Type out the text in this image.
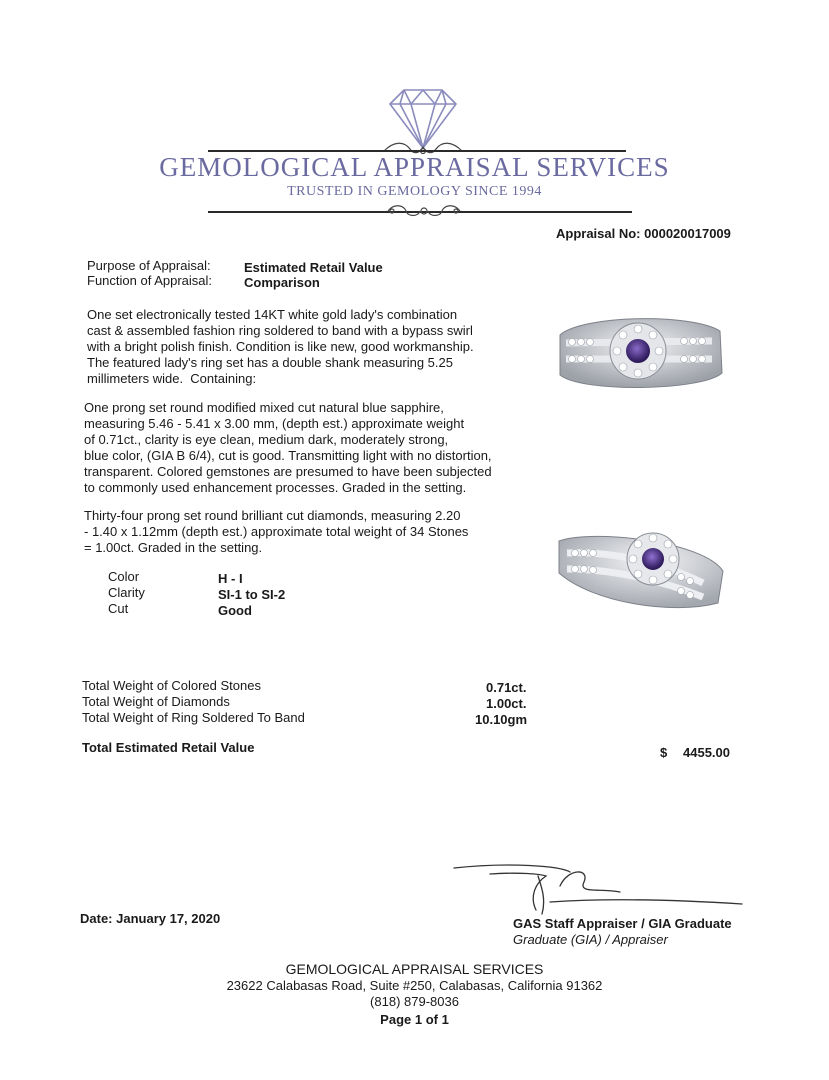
GEMOLOGICAL APPRAISAL SERVICES
TRUSTED IN GEMOLOGY SINCE 1994
Appraisal No: 000020017009
Purpose of Appraisal:	Estimated Retail Value
Function of Appraisal: Comparison
One set electronically tested 14KT white gold lady's combination
cast & assembled fashion ring soldered to band with a bypass swirl
with a bright polish finish. Condition is like new, good workmanship.
The featured lady's ring set has a double shank measuring 5.25
millimeters wide.  Containing:
One prong set round modified mixed cut natural blue sapphire,
measuring 5.46 - 5.41 x 3.00 mm, (depth est.) approximate weight
of 0.71ct., clarity is eye clean, medium dark, moderately strong,
blue color, (GIA B 6/4), cut is good. Transmitting light with no distortion,
transparent. Colored gemstones are presumed to have been subjected
to commonly used enhancement processes. Graded in the setting.
Thirty-four prong set round brilliant cut diamonds, measuring 2.20
- 1.40 x 1.12mm (depth est.) approximate total weight of 34 Stones
= 1.00ct. Graded in the setting.
Color	H - I
Clarity	SI-1 to SI-2
Cut	Good
Total Weight of Colored Stones	0.71ct.
Total Weight of Diamonds	1.00ct.
Total Weight of Ring Soldered To Band	10.10gm
Total Estimated Retail Value	$ 4455.00
Date: January 17, 2020	GAS Staff Appraiser / GIA Graduate
Graduate (GIA) / Appraiser
GEMOLOGICAL APPRAISAL SERVICES
23622 Calabasas Road, Suite #250, Calabasas, California 91362
(818) 879-8036
Page 1 of 1
